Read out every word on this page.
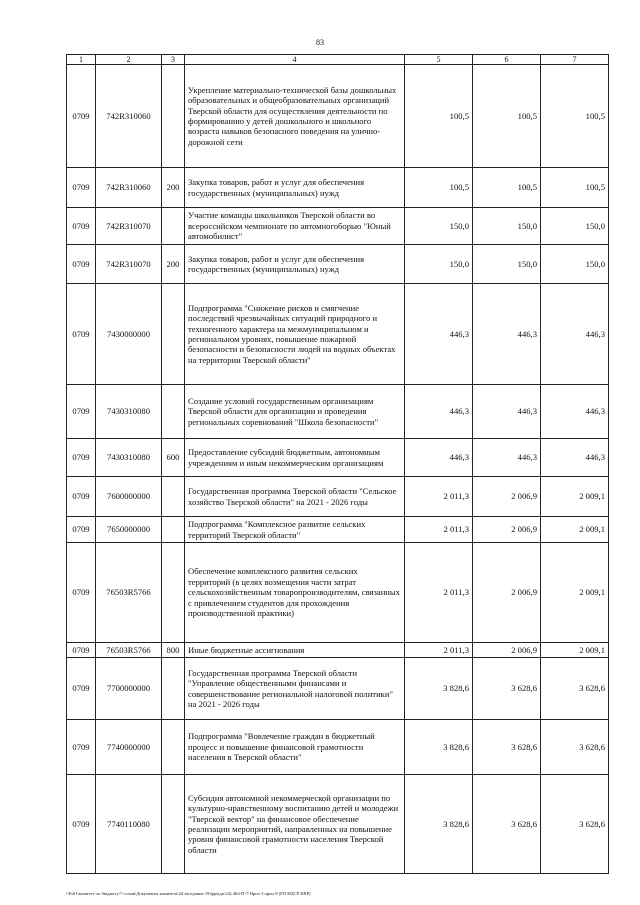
83
1	2	3	4	5	6	7
0709	742R310060		Укрепление материально-технической базы дошкольных образовательных и общеобразовательных организаций Тверской области для осуществления деятельности по формированию у детей дошкольного и школьного возраста навыков безопасного поведения на улично-дорожной сети	100,5	100,5	100,5
0709	742R310060	200	Закупка товаров, работ и услуг для обеспечения государственных (муниципальных) нужд	100,5	100,5	100,5
0709	742R310070		Участие команды школьников Тверской области во всероссийском чемпионате по автомногоборью "Юный автомобилист"	150,0	150,0	150,0
0709	742R310070	200	Закупка товаров, работ и услуг для обеспечения государственных (муниципальных) нужд	150,0	150,0	150,0
0709	7430000000		Подпрограмма "Снижение рисков и смягчение последствий чрезвычайных ситуаций природного и техногенного характера на межмуниципальном и региональном уровнях, повышение пожарной безопасности и безопасности людей на водных объектах на территории Тверской области"	446,3	446,3	446,3
0709	7430310080		Создание условий государственным организациям Тверской области для организации и проведения региональных соревнований "Школа безопасности"	446,3	446,3	446,3
0709	7430310080	600	Предоставление субсидий бюджетным, автономным учреждениям и иным некоммерческим организациям	446,3	446,3	446,3
0709	7600000000		Государственная программа Тверской области "Сельское хозяйство Тверской области" на 2021 - 2026 годы	2 011,3	2 006,9	2 009,1
0709	7650000000		Подпрограмма "Комплексное развитие сельских территорий Тверской области"	2 011,3	2 006,9	2 009,1
0709	76503R5766		Обеспечение комплексного развития сельских территорий (в целях возмещения части затрат сельскохозяйственным товаропроизводителям, связанных с привлечением студентов для прохождения производственной практики)	2 011,3	2 006,9	2 009,1
0709	76503R5766	800	Иные бюджетные ассигнования	2 011,3	2 006,9	2 009,1
0709	7700000000		Государственная программа Тверской области "Управление общественными финансами и совершенствование региональной налоговой политики" на 2021 - 2026 годы	3 828,6	3 628,6	3 628,6
0709	7740000000		Подпрограмма "Вовлечение граждан в бюджетный процесс и повышение финансовой грамотности населения в Тверской области"	3 828,6	3 628,6	3 628,6
0709	7740110080		Субсидия автономной некоммерческой организации по культурно-нравственному воспитанию детей и молодежи "Тверской вектор" на финансовое обеспечение реализации мероприятий, направленных на повышение уровня финансовой грамотности населения Тверской области	3 828,6	3 628,6	3 628,6
\\Fs01\комитет по бюджету\7 созыв\Документы комитета\24 заседание 19\фр\кдп\24) 464-П-7\Прил 3 прил 8 (РП КЦСР КВР)
